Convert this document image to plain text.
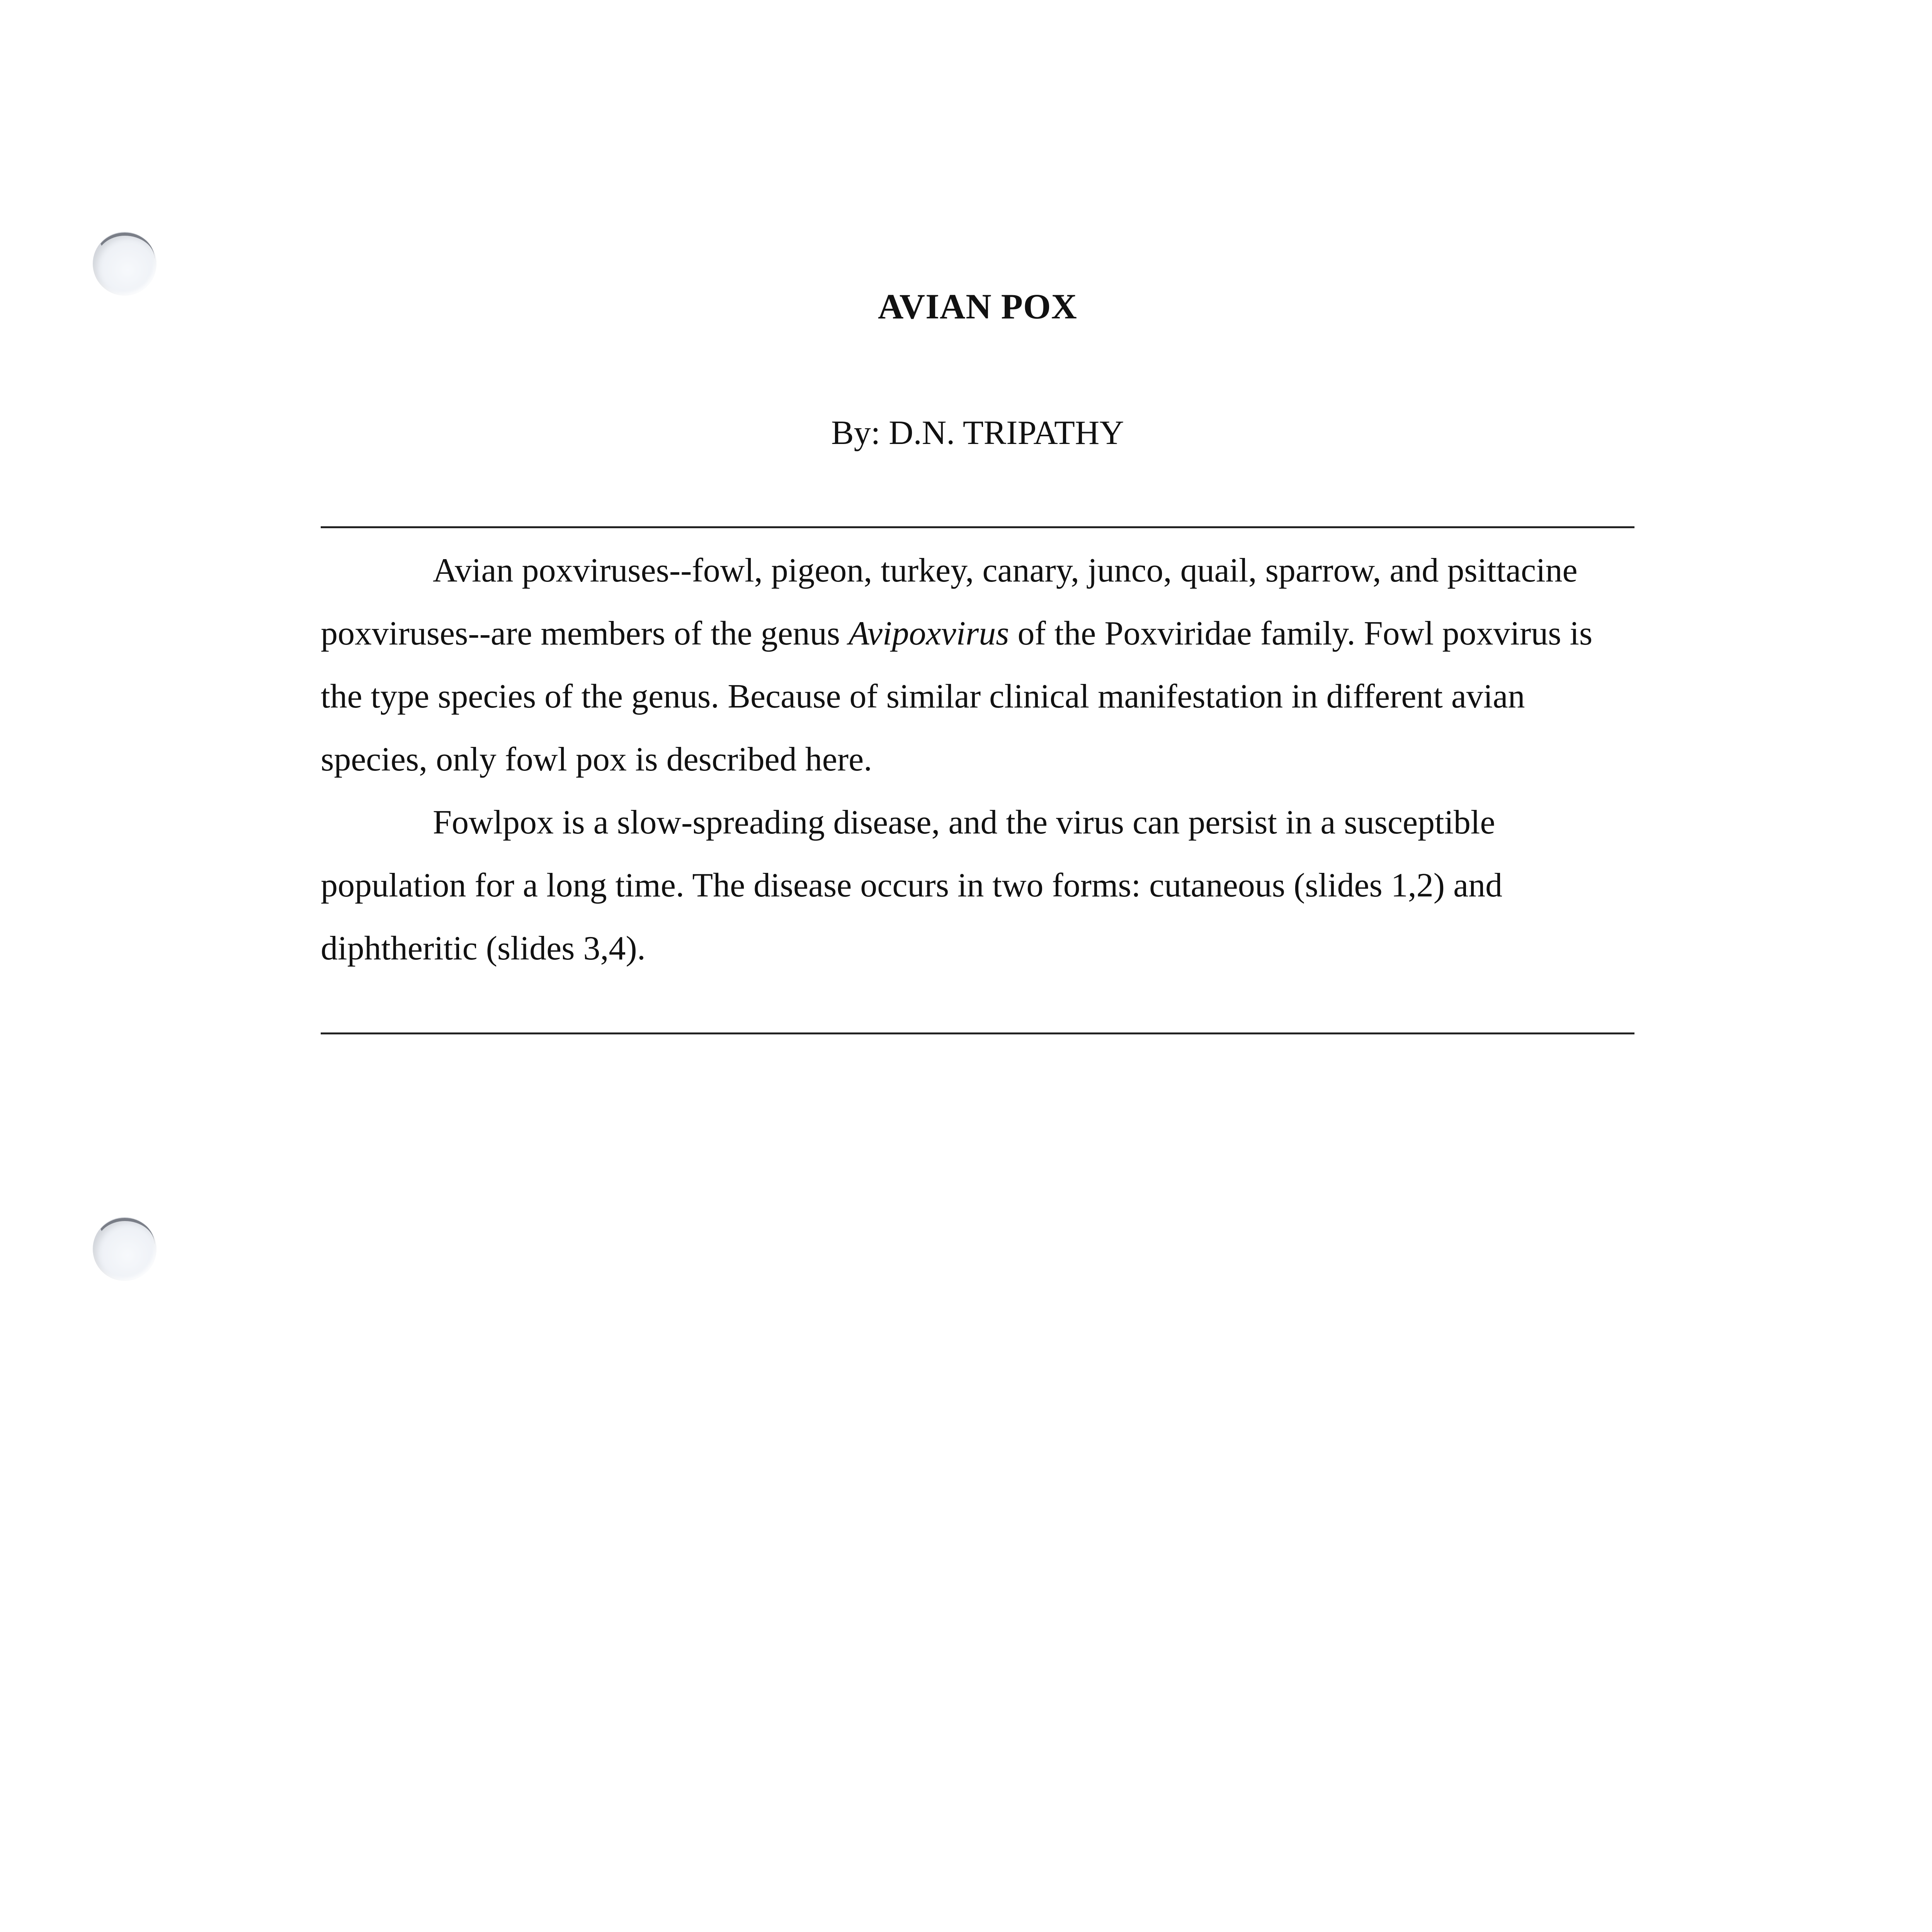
AVIAN POX
By: D.N. TRIPATHY

Avian poxviruses--fowl, pigeon, turkey, canary, junco, quail, sparrow, and psittacine poxviruses--are members of the genus Avipoxvirus of the Poxviridae family. Fowl poxvirus is the type species of the genus. Because of similar clinical manifestation in different avian species, only fowl pox is described here.

Fowlpox is a slow-spreading disease, and the virus can persist in a susceptible population for a long time. The disease occurs in two forms: cutaneous (slides 1,2) and diphtheritic (slides 3,4).
